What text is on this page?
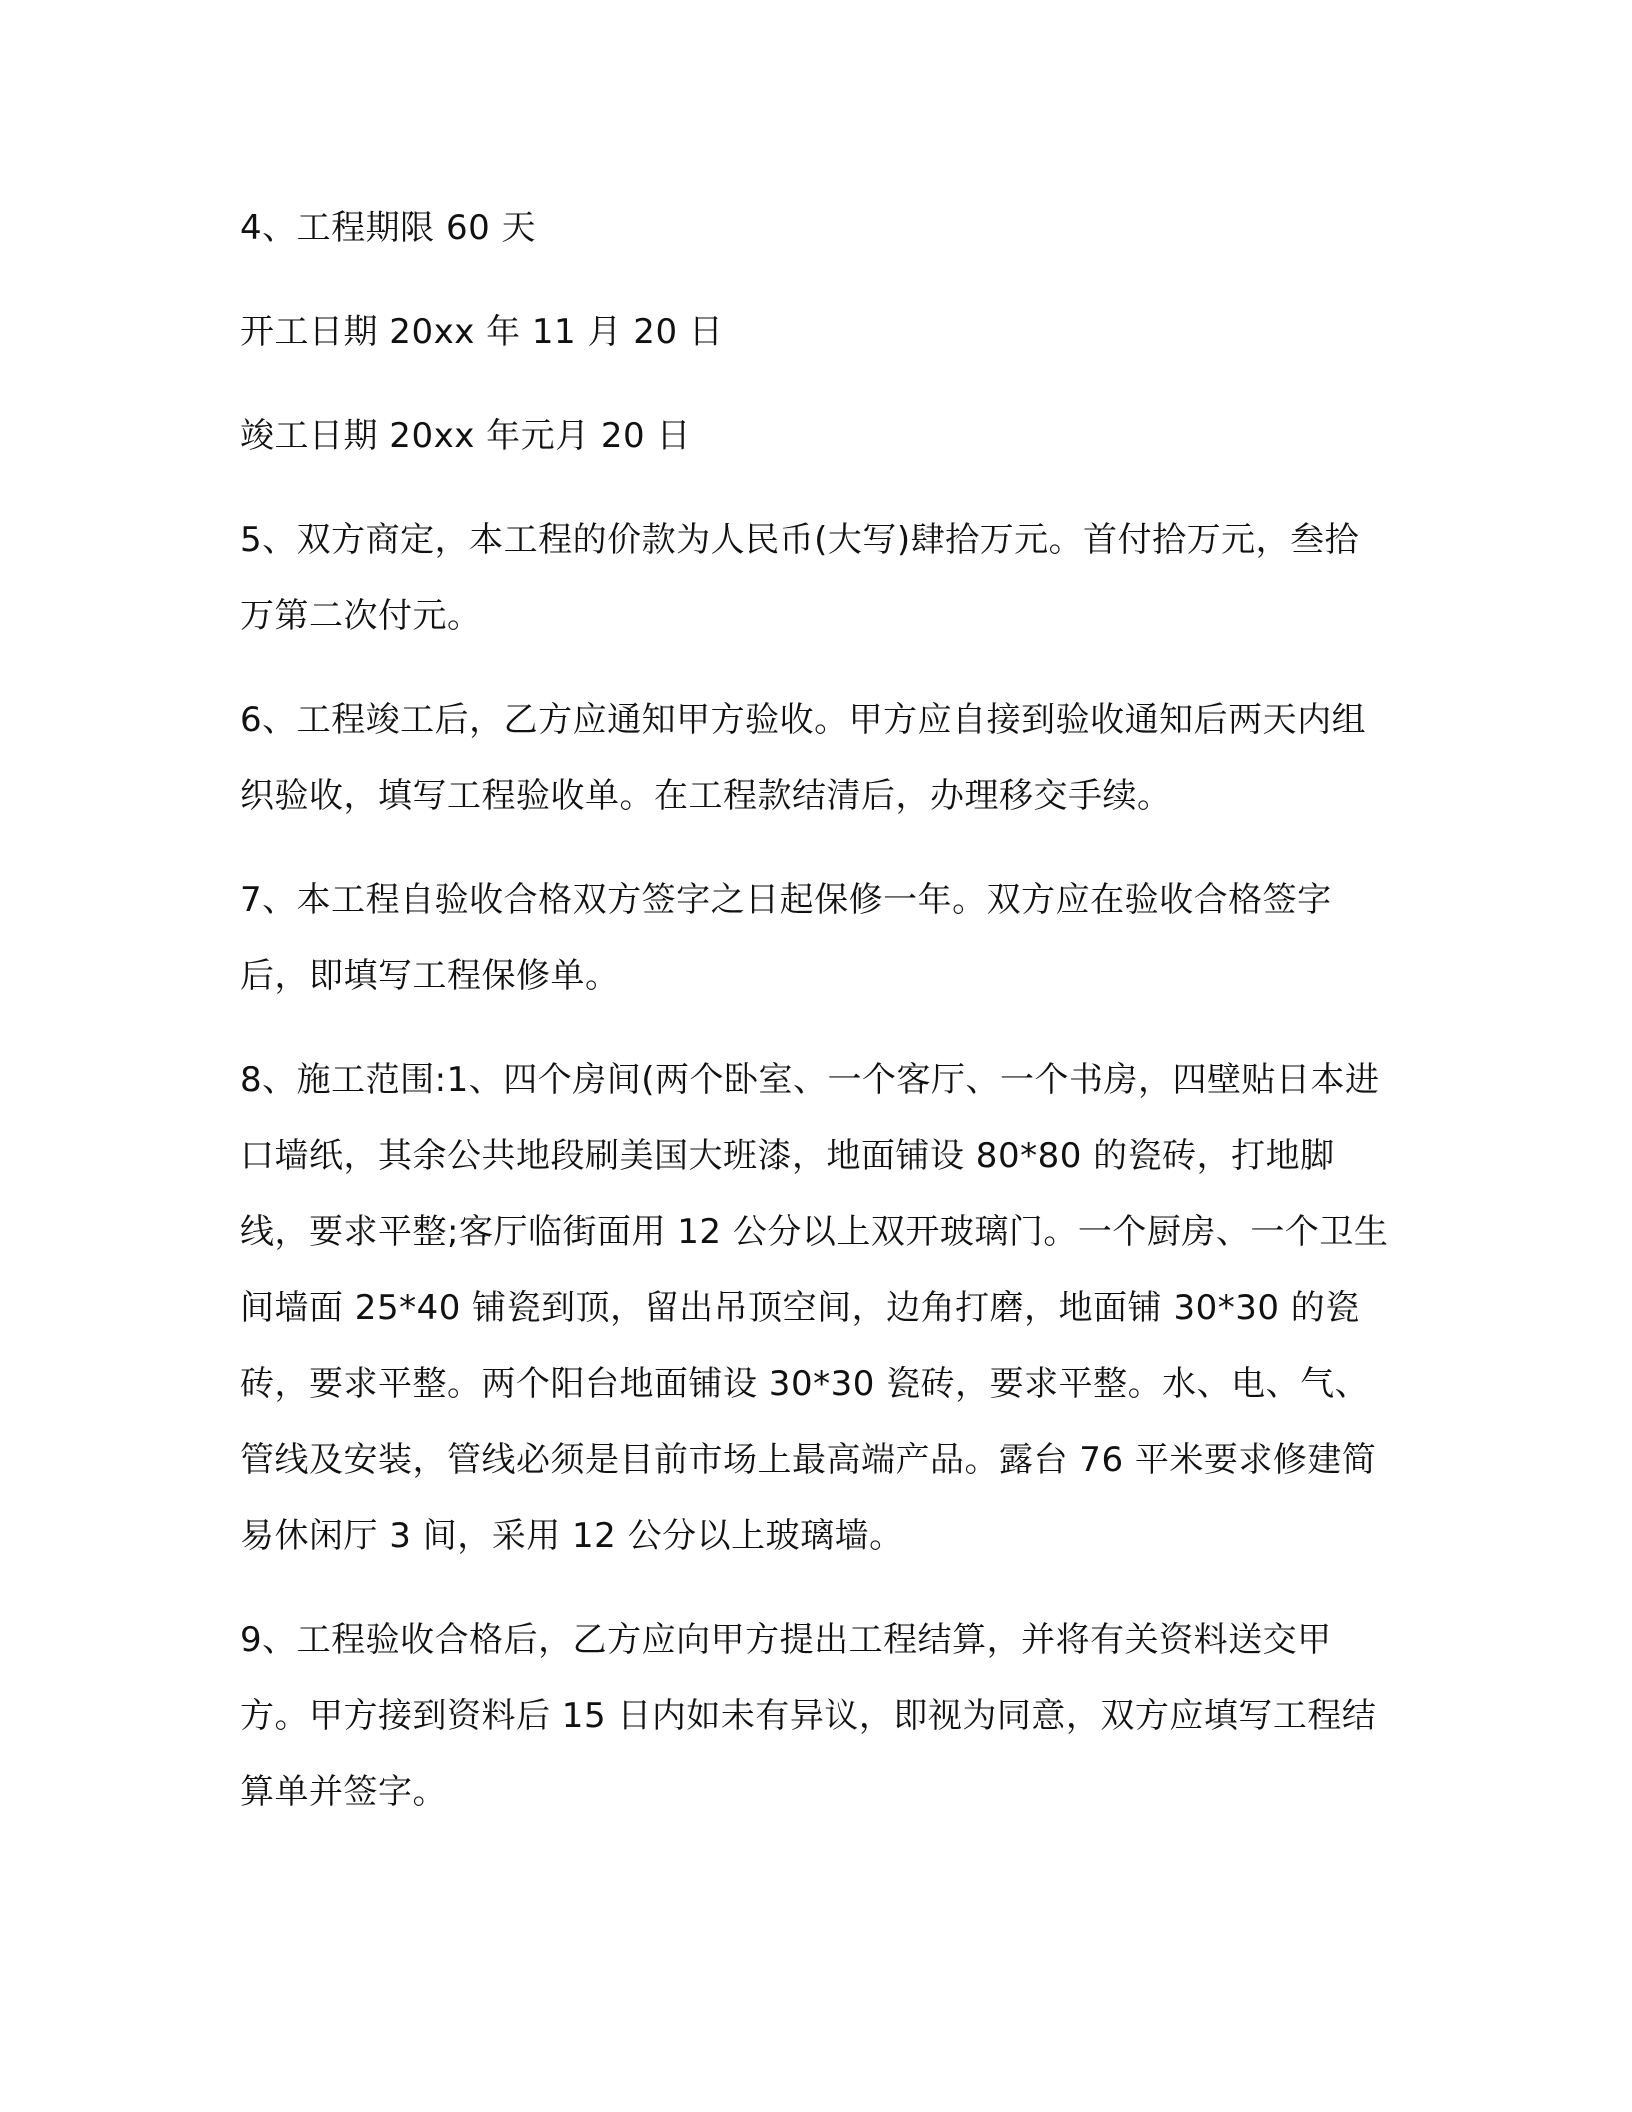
4、工程期限 60 天

开工日期 20xx 年 11 月 20 日

竣工日期 20xx 年元月 20 日

5、双方商定，本工程的价款为人民币(大写)肆拾万元。首付拾万元，叁拾万第二次付元。

6、工程竣工后，乙方应通知甲方验收。甲方应自接到验收通知后两天内组织验收，填写工程验收单。在工程款结清后，办理移交手续。

7、本工程自验收合格双方签字之日起保修一年。双方应在验收合格签字后，即填写工程保修单。

8、施工范围:1、四个房间(两个卧室、一个客厅、一个书房，四壁贴日本进口墙纸，其余公共地段刷美国大班漆，地面铺设 80*80 的瓷砖，打地脚线，要求平整;客厅临街面用 12 公分以上双开玻璃门。一个厨房、一个卫生间墙面 25*40 铺瓷到顶，留出吊顶空间，边角打磨，地面铺 30*30 的瓷砖，要求平整。两个阳台地面铺设 30*30 瓷砖，要求平整。水、电、气、管线及安装，管线必须是目前市场上最高端产品。露台 76 平米要求修建简易休闲厅 3 间，采用 12 公分以上玻璃墙。

9、工程验收合格后，乙方应向甲方提出工程结算，并将有关资料送交甲方。甲方接到资料后 15 日内如未有异议，即视为同意，双方应填写工程结算单并签字。
